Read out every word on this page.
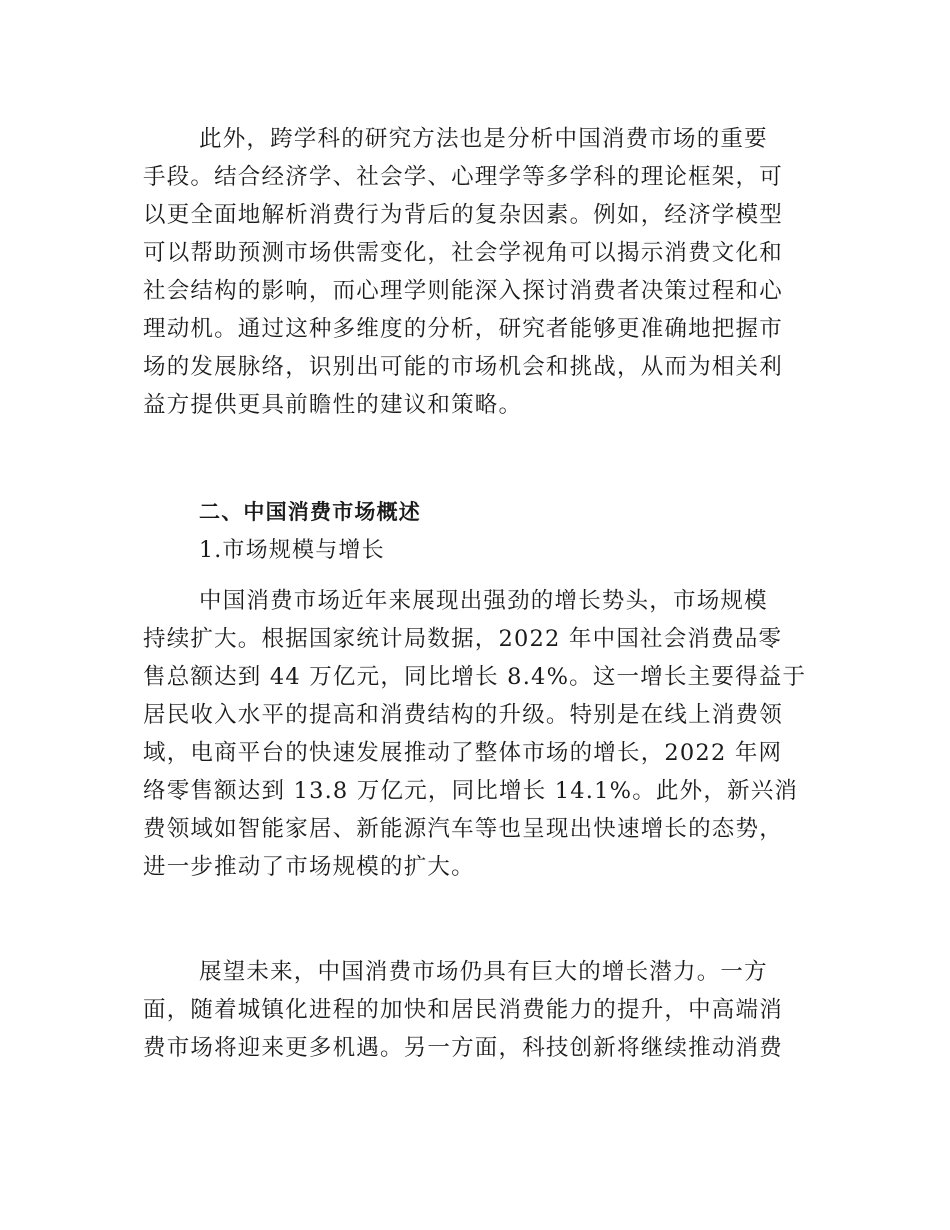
此外，跨学科的研究方法也是分析中国消费市场的重要
手段。结合经济学、社会学、心理学等多学科的理论框架，可
以更全面地解析消费行为背后的复杂因素。例如，经济学模型
可以帮助预测市场供需变化，社会学视角可以揭示消费文化和
社会结构的影响，而心理学则能深入探讨消费者决策过程和心
理动机。通过这种多维度的分析，研究者能够更准确地把握市
场的发展脉络，识别出可能的市场机会和挑战，从而为相关利
益方提供更具前瞻性的建议和策略。
二、中国消费市场概述
1.市场规模与增长
中国消费市场近年来展现出强劲的增长势头，市场规模
持续扩大。根据国家统计局数据，2022 年中国社会消费品零
售总额达到 44 万亿元，同比增长 8.4%。这一增长主要得益于
居民收入水平的提高和消费结构的升级。特别是在线上消费领
域，电商平台的快速发展推动了整体市场的增长，2022 年网
络零售额达到 13.8 万亿元，同比增长 14.1%。此外，新兴消
费领域如智能家居、新能源汽车等也呈现出快速增长的态势，
进一步推动了市场规模的扩大。
展望未来，中国消费市场仍具有巨大的增长潜力。一方
面，随着城镇化进程的加快和居民消费能力的提升，中高端消
费市场将迎来更多机遇。另一方面，科技创新将继续推动消费
